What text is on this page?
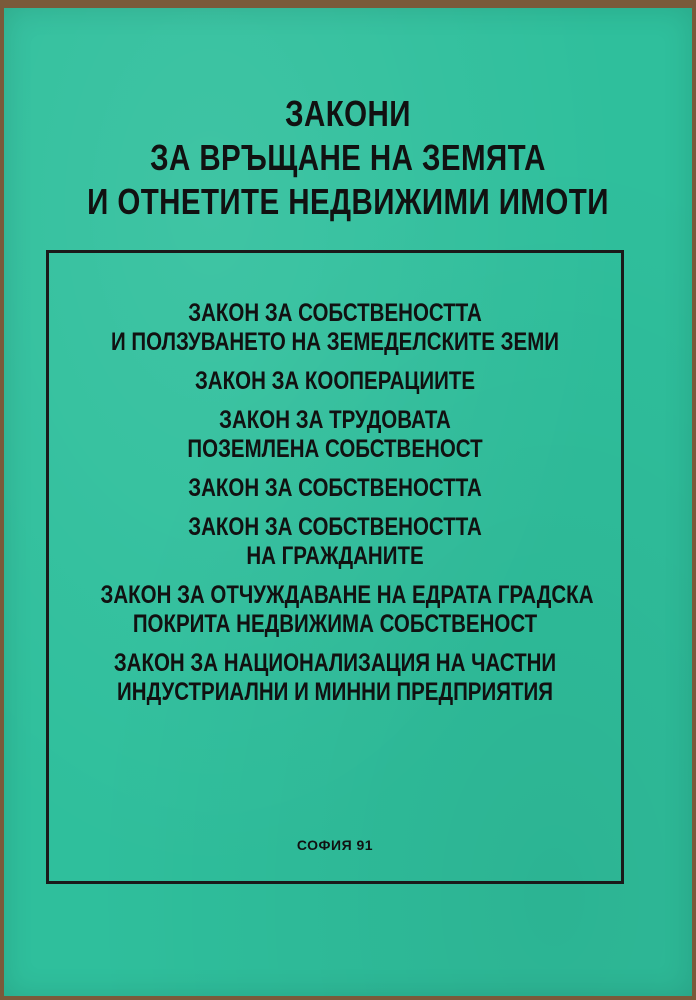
ЗАКОНИ
ЗА ВРЪЩАНЕ НА ЗЕМЯТА
И ОТНЕТИТЕ НЕДВИЖИМИ ИМОТИ
ЗАКОН ЗА СОБСТВЕНОСТТА
И ПОЛЗУВАНЕТО НА ЗЕМЕДЕЛСКИТЕ ЗЕМИ
ЗАКОН ЗА КООПЕРАЦИИТЕ
ЗАКОН ЗА ТРУДОВАТА
ПОЗЕМЛЕНА СОБСТВЕНОСТ
ЗАКОН ЗА СОБСТВЕНОСТТА
ЗАКОН ЗА СОБСТВЕНОСТТА
НА ГРАЖДАНИТЕ
ЗАКОН ЗА ОТЧУЖДАВАНЕ НА ЕДРАТА ГРАДСКА
ПОКРИТА НЕДВИЖИМА СОБСТВЕНОСТ
ЗАКОН ЗА НАЦИОНАЛИЗАЦИЯ НА ЧАСТНИ
ИНДУСТРИАЛНИ И МИННИ ПРЕДПРИЯТИЯ
СОФИЯ 91
